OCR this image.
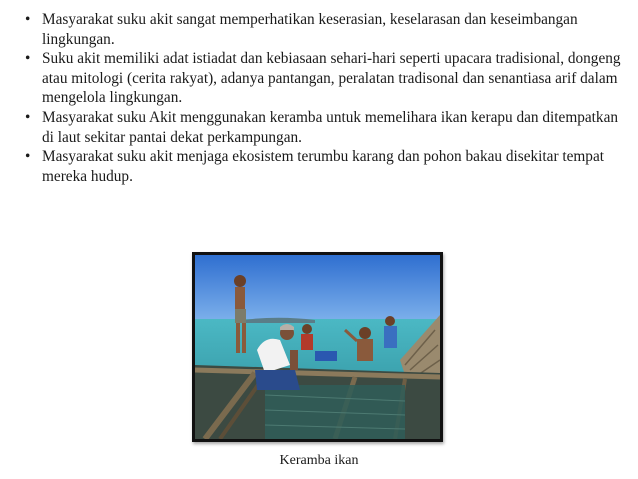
• Masyarakat suku akit sangat memperhatikan keserasian, keselarasan dan keseimbangan lingkungan.
• Suku akit memiliki adat istiadat dan kebiasaan sehari-hari seperti upacara tradisional, dongeng atau mitologi (cerita rakyat), adanya pantangan, peralatan tradisonal dan senantiasa arif dalam mengelola lingkungan.
• Masyarakat suku Akit menggunakan keramba untuk memelihara ikan kerapu dan ditempatkan di laut sekitar pantai dekat perkampungan.
• Masyarakat suku akit menjaga ekosistem terumbu karang dan pohon bakau disekitar tempat mereka hudup.
Keramba ikan
